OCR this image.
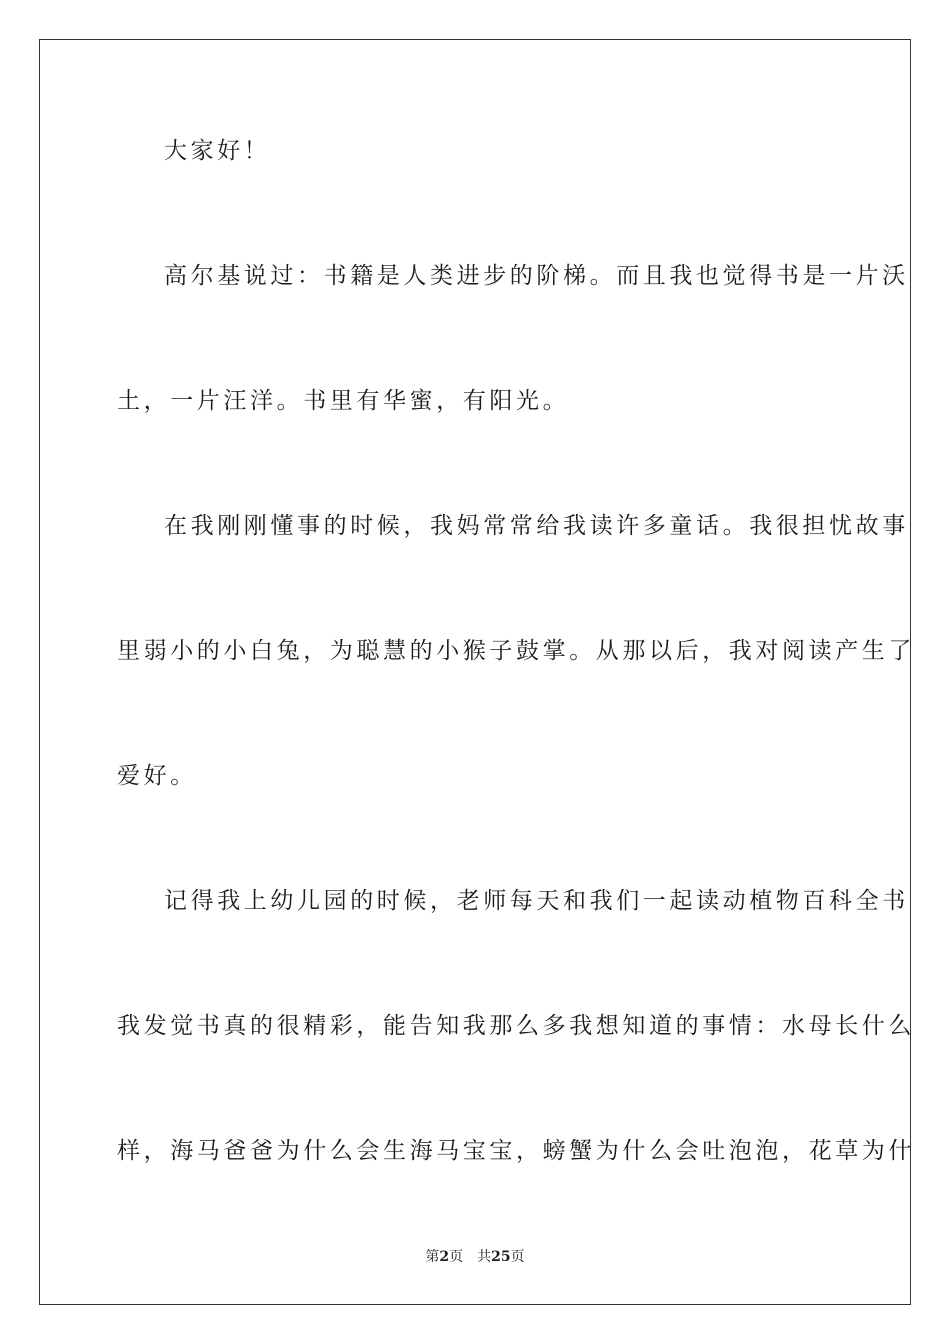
大家好！
高尔基说过：书籍是人类进步的阶梯。而且我也觉得书是一片沃
土，一片汪洋。书里有华蜜，有阳光。
在我刚刚懂事的时候，我妈常常给我读许多童话。我很担忧故事
里弱小的小白兔，为聪慧的小猴子鼓掌。从那以后，我对阅读产生了
爱好。
记得我上幼儿园的时候，老师每天和我们一起读动植物百科全书
我发觉书真的很精彩，能告知我那么多我想知道的事情：水母长什么
样，海马爸爸为什么会生海马宝宝，螃蟹为什么会吐泡泡，花草为什
第2页 共25页
